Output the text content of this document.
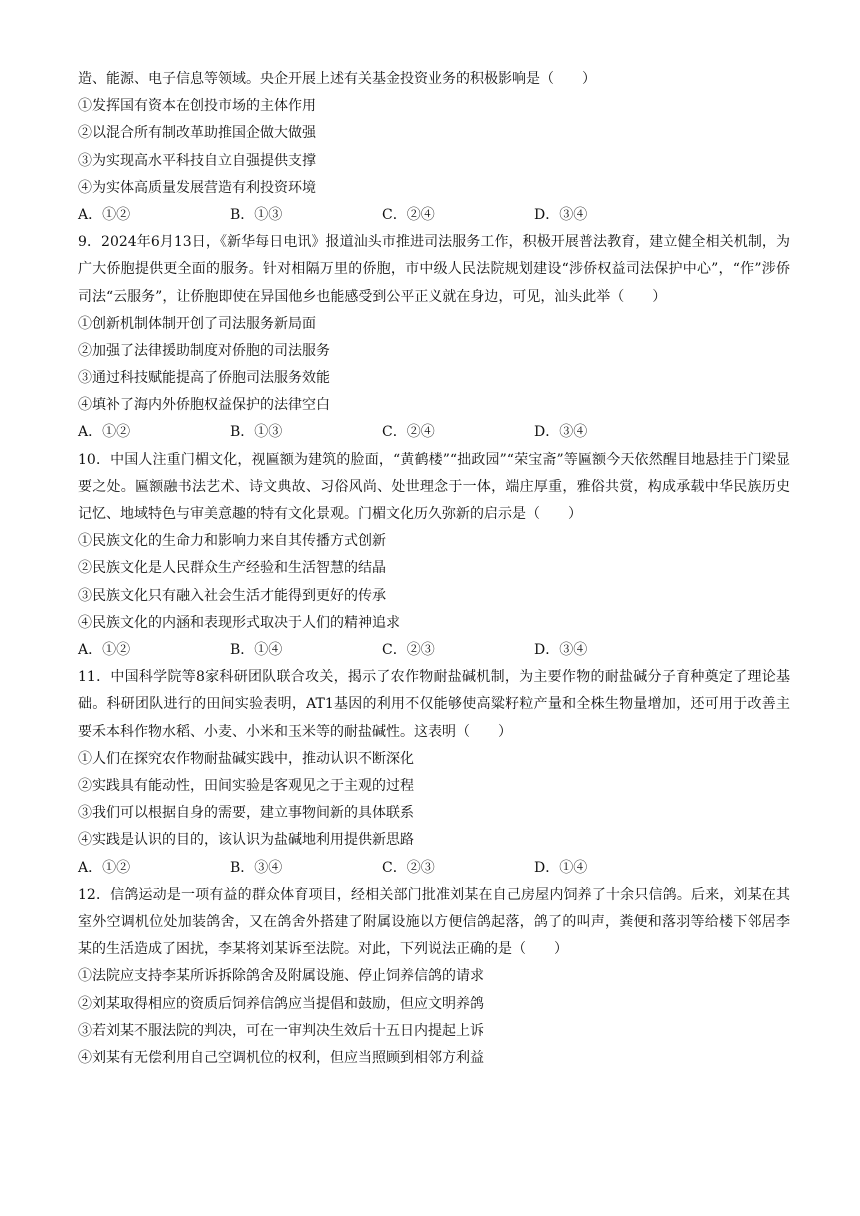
造、能源、电子信息等领域。央企开展上述有关基金投资业务的积极影响是（　　）
①发挥国有资本在创投市场的主体作用
②以混合所有制改革助推国企做大做强
③为实现高水平科技自立自强提供支撑
④为实体高质量发展营造有利投资环境
A．①②	B．①③	C．②④	D．③④
9．2024年6月13日，《新华每日电讯》报道汕头市推进司法服务工作，积极开展普法教育，建立健全相关机制，为广大侨胞提供更全面的服务。针对相隔万里的侨胞，市中级人民法院规划建设“涉侨权益司法保护中心”，“作”涉侨司法“云服务”，让侨胞即使在异国他乡也能感受到公平正义就在身边，可见，汕头此举（　　）
①创新机制体制开创了司法服务新局面
②加强了法律援助制度对侨胞的司法服务
③通过科技赋能提高了侨胞司法服务效能
④填补了海内外侨胞权益保护的法律空白
A．①②	B．①③	C．②④	D．③④
10．中国人注重门楣文化，视匾额为建筑的脸面，“黄鹤楼”“拙政园”“荣宝斋”等匾额今天依然醒目地悬挂于门梁显要之处。匾额融书法艺术、诗文典故、习俗风尚、处世理念于一体，端庄厚重，雅俗共赏，构成承载中华民族历史记忆、地域特色与审美意趣的特有文化景观。门楣文化历久弥新的启示是（　　）
①民族文化的生命力和影响力来自其传播方式创新
②民族文化是人民群众生产经验和生活智慧的结晶
③民族文化只有融入社会生活才能得到更好的传承
④民族文化的内涵和表现形式取决于人们的精神追求
A．①②	B．①④	C．②③	D．③④
11．中国科学院等8家科研团队联合攻关，揭示了农作物耐盐碱机制，为主要作物的耐盐碱分子育种奠定了理论基础。科研团队进行的田间实验表明，AT1基因的利用不仅能够使高粱籽粒产量和全株生物量增加，还可用于改善主要禾本科作物水稻、小麦、小米和玉米等的耐盐碱性。这表明（　　）
①人们在探究农作物耐盐碱实践中，推动认识不断深化
②实践具有能动性，田间实验是客观见之于主观的过程
③我们可以根据自身的需要，建立事物间新的具体联系
④实践是认识的目的，该认识为盐碱地利用提供新思路
A．①②	B．③④	C．②③	D．①④
12．信鸽运动是一项有益的群众体育项目，经相关部门批准刘某在自己房屋内饲养了十余只信鸽。后来，刘某在其室外空调机位处加装鸽舍，又在鸽舍外搭建了附属设施以方便信鸽起落，鸽了的叫声，粪便和落羽等给楼下邻居李某的生活造成了困扰，李某将刘某诉至法院。对此，下列说法正确的是（　　）
①法院应支持李某所诉拆除鸽舍及附属设施、停止饲养信鸽的请求
②刘某取得相应的资质后饲养信鸽应当提倡和鼓励，但应文明养鸽
③若刘某不服法院的判决，可在一审判决生效后十五日内提起上诉
④刘某有无偿利用自己空调机位的权利，但应当照顾到相邻方利益
